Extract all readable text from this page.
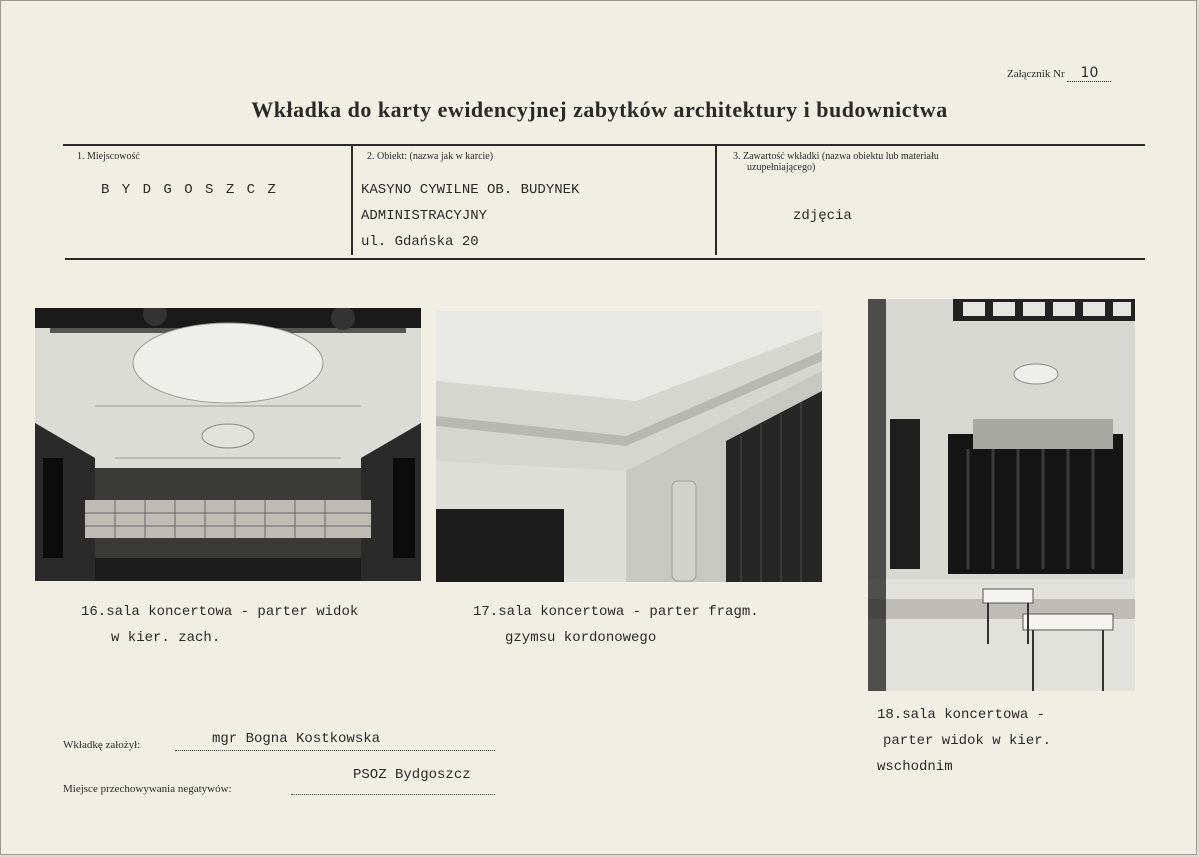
Załącznik Nr 10
Wkładka do karty ewidencyjnej zabytków architektury i budownictwa
1. Miejscowość
B Y D G O S Z C Z
2. Obiekt: (nazwa jak w karcie)
KASYNO CYWILNE OB. BUDYNEK
ADMINISTRACYJNY
ul. Gdańska 20
3. Zawartość wkładki (nazwa obiektu lub materiału
uzupełniającego)
zdjęcia
16.sala koncertowa - parter widok
w kier. zach.
17.sala koncertowa - parter fragm.
gzymsu kordonowego
18.sala koncertowa -
parter widok w kier.
wschodnim
Wkładkę założył:	mgr Bogna Kostkowska
Miejsce przechowywania negatywów:
PSOZ Bydgoszcz
